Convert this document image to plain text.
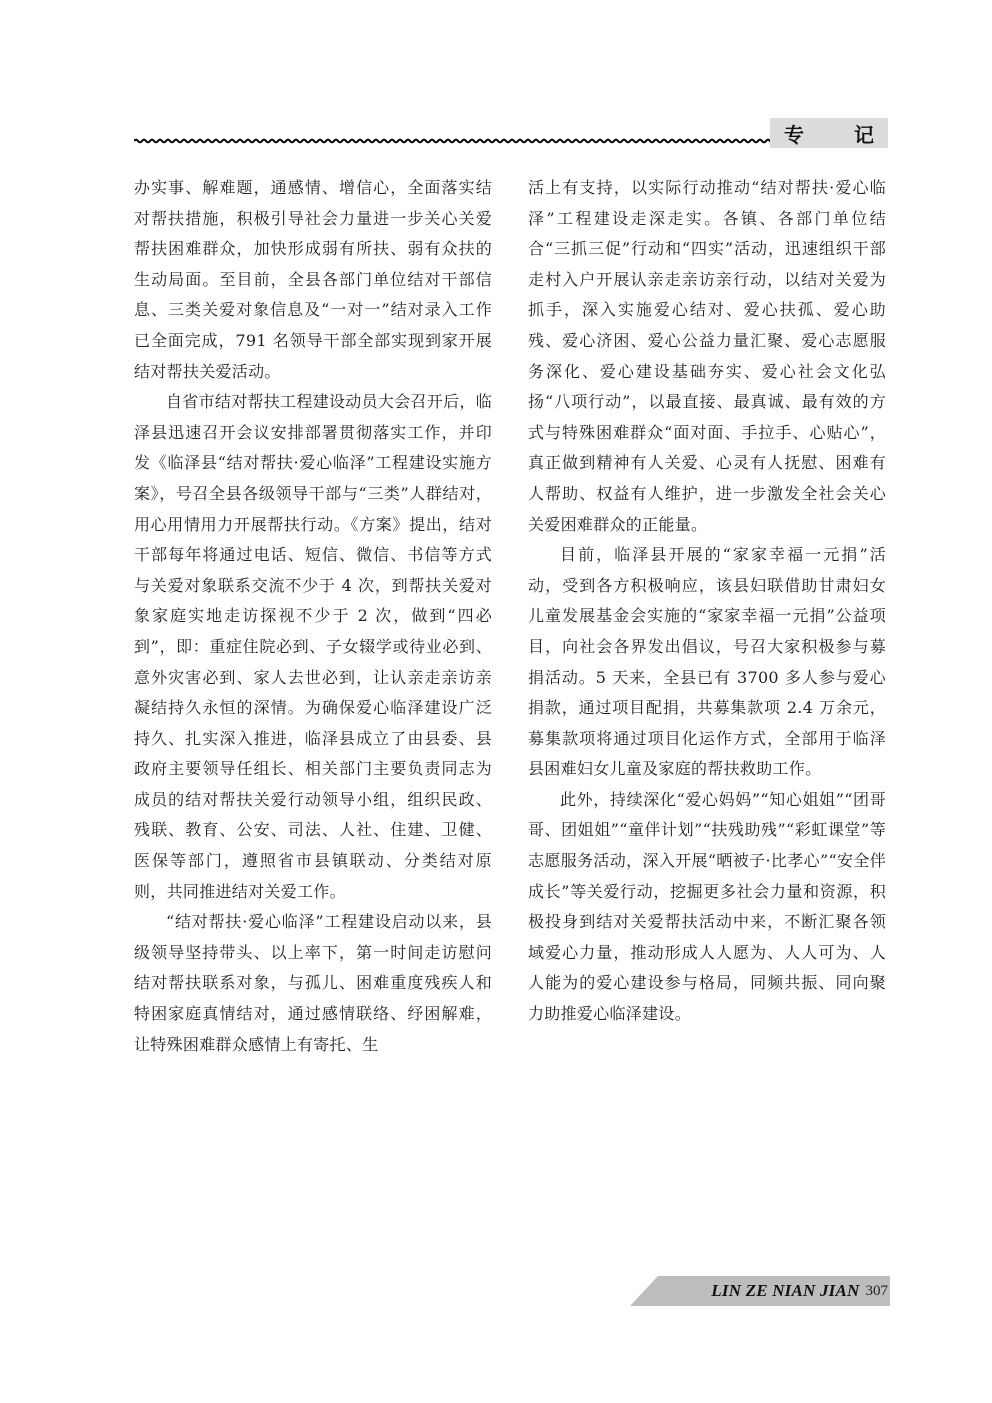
专	记

办实事、解难题，通感情、增信心，全面落实结对帮扶措施，积极引导社会力量进一步关心关爱帮扶困难群众，加快形成弱有所扶、弱有众扶的生动局面。至目前，全县各部门单位结对干部信息、三类关爱对象信息及“一对一”结对录入工作已全面完成，791 名领导干部全部实现到家开展结对帮扶关爱活动。

自省市结对帮扶工程建设动员大会召开后，临泽县迅速召开会议安排部署贯彻落实工作，并印发《临泽县“结对帮扶·爱心临泽”工程建设实施方案》，号召全县各级领导干部与“三类”人群结对，用心用情用力开展帮扶行动。《方案》提出，结对干部每年将通过电话、短信、微信、书信等方式与关爱对象联系交流不少于 4 次，到帮扶关爱对象家庭实地走访探视不少于 2 次，做到“四必到”，即：重症住院必到、子女辍学或待业必到、意外灾害必到、家人去世必到，让认亲走亲访亲凝结持久永恒的深情。为确保爱心临泽建设广泛持久、扎实深入推进，临泽县成立了由县委、县政府主要领导任组长、相关部门主要负责同志为成员的结对帮扶关爱行动领导小组，组织民政、残联、教育、公安、司法、人社、住建、卫健、医保等部门，遵照省市县镇联动、分类结对原则，共同推进结对关爱工作。

“结对帮扶·爱心临泽”工程建设启动以来，县级领导坚持带头、以上率下，第一时间走访慰问结对帮扶联系对象，与孤儿、困难重度残疾人和特困家庭真情结对，通过感情联络、纾困解难，让特殊困难群众感情上有寄托、生

活上有支持，以实际行动推动“结对帮扶·爱心临泽”工程建设走深走实。各镇、各部门单位结合“三抓三促”行动和“四实”活动，迅速组织干部走村入户开展认亲走亲访亲行动，以结对关爱为抓手，深入实施爱心结对、爱心扶孤、爱心助残、爱心济困、爱心公益力量汇聚、爱心志愿服务深化、爱心建设基础夯实、爱心社会文化弘扬“八项行动”，以最直接、最真诚、最有效的方式与特殊困难群众“面对面、手拉手、心贴心”，真正做到精神有人关爱、心灵有人抚慰、困难有人帮助、权益有人维护，进一步激发全社会关心关爱困难群众的正能量。

目前，临泽县开展的“家家幸福一元捐”活动，受到各方积极响应，该县妇联借助甘肃妇女儿童发展基金会实施的“家家幸福一元捐”公益项目，向社会各界发出倡议，号召大家积极参与募捐活动。5 天来，全县已有 3700 多人参与爱心捐款，通过项目配捐，共募集款项 2.4 万余元，募集款项将通过项目化运作方式，全部用于临泽县困难妇女儿童及家庭的帮扶救助工作。

此外，持续深化“爱心妈妈”“知心姐姐”“团哥哥、团姐姐”“童伴计划”“扶残助残”“彩虹课堂”等志愿服务活动，深入开展“晒被子·比孝心”“安全伴成长”等关爱行动，挖掘更多社会力量和资源，积极投身到结对关爱帮扶活动中来，不断汇聚各领域爱心力量，推动形成人人愿为、人人可为、人人能为的爱心建设参与格局，同频共振、同向聚力助推爱心临泽建设。

LIN ZE NIAN JIAN 307
